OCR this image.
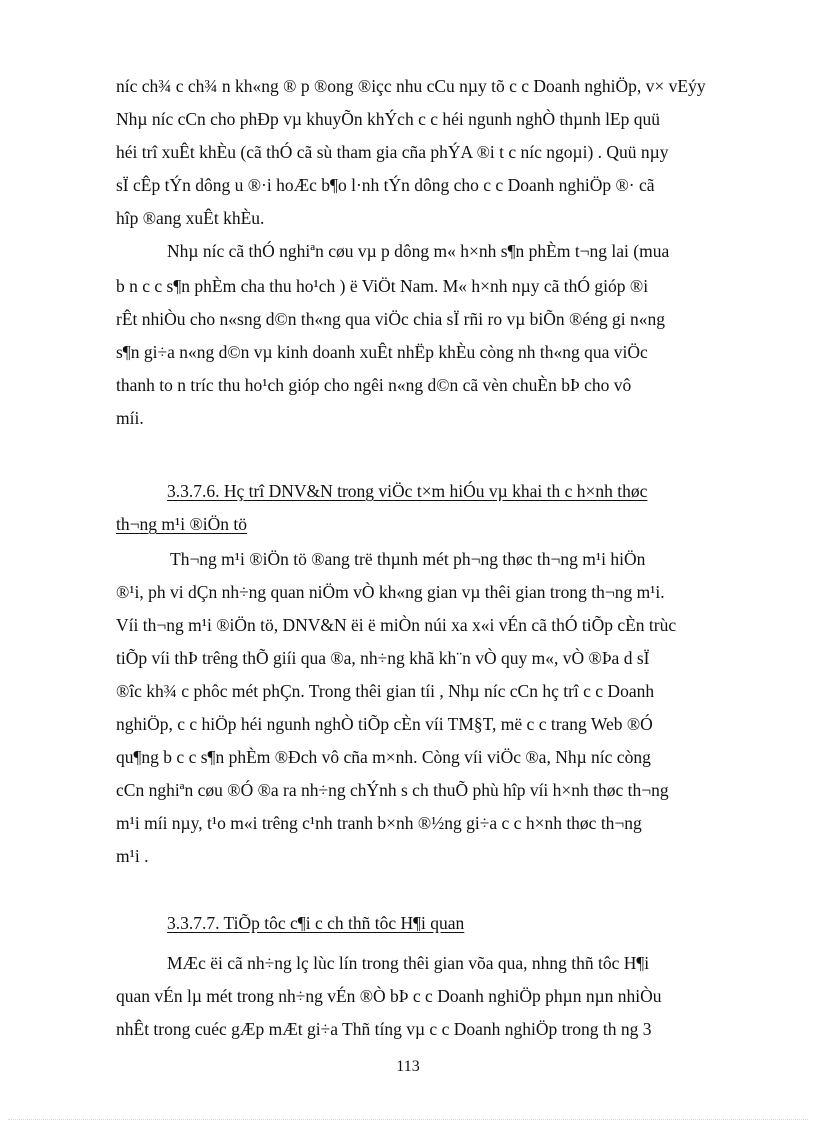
níc ch¾ c ch¾ n kh«ng ® p ®ong ®içc nhu cCu nµy tõ c c Doanh nghiÖp, v× vEýy
Nhµ níc cCn cho phÐp vµ khuyÕn khÝch c c héi ngunh nghÒ thµnh lEp quü
héi trî xuÊt khÈu (cã thÓ cã sù tham gia cña phÝA ®i t c níc ngoµi) . Quü nµy
sÏ cÊp tÝn dông u ®·i hoÆc b¶o l·nh tÝn dông cho c c Doanh nghiÖp ®· cã
hîp ®ang xuÊt khÈu.
Nhµ níc cã thÓ nghiªn cøu vµ p dông m« h×nh s¶n phÈm t¬ng lai (mua
b n c c s¶n phÈm cha thu ho¹ch ) ë ViÖt Nam. M« h×nh nµy cã thÓ gióp ®i
rÊt nhiÒu cho n«sng d©n th«ng qua viÖc chia sÏ rñi ro vµ biÕn ®éng gi n«ng
s¶n gi÷a n«ng d©n vµ kinh doanh xuÊt nhËp khÈu còng nh th«ng qua viÖc
thanh to n tríc thu ho¹ch gióp cho ngêi n«ng d©n cã vèn chuÈn bÞ cho vô
míi.
3.3.7.6. Hç trî DNV&N trong viÖc t×m hiÓu vµ khai th c h×nh thøc
th¬ng m¹i ®iÖn tö
Th¬ng m¹i ®iÖn tö ®ang trë thµnh mét ph¬ng thøc th¬ng m¹i hiÖn
®¹i, ph vi dÇn nh÷ng quan niÖm vÒ kh«ng gian vµ thêi gian trong th¬ng m¹i.
Víi th¬ng m¹i ®iÖn tö, DNV&N ëi ë miÒn núi xa x«i vÉn cã thÓ tiÕp cÈn trùc
tiÕp víi thÞ trêng thÕ giíi qua ®a, nh÷ng khã kh¨n vÒ quy m«, vÒ ®Þa d sÏ
®îc kh¾ c phôc mét phÇn. Trong thêi gian tíi , Nhµ níc cCn hç trî c c Doanh
nghiÖp, c c hiÖp héi ngunh nghÒ tiÕp cÈn víi TM§T, më c c trang Web ®Ó
qu¶ng b c c s¶n phÈm ®Ðch vô cña m×nh. Còng víi viÖc ®a, Nhµ níc còng
cCn nghiªn cøu ®Ó ®a ra nh÷ng chÝnh s ch thuÕ phù hîp víi h×nh thøc th¬ng
m¹i míi nµy, t¹o m«i trêng c¹nh tranh b×nh ®½ng gi÷a c c h×nh thøc th¬ng
m¹i .
3.3.7.7. TiÕp tôc c¶i c ch thñ tôc H¶i quan
MÆc ëi cã nh÷ng lç lùc lín trong thêi gian võa qua, nhng thñ tôc H¶i
quan vÉn lµ mét trong nh÷ng vÉn ®Ò bÞ c c Doanh nghiÖp phµn nµn nhiÒu
nhÊt trong cuéc gÆp mÆt gi÷a Thñ tíng vµ c c Doanh nghiÖp trong th ng 3
113
